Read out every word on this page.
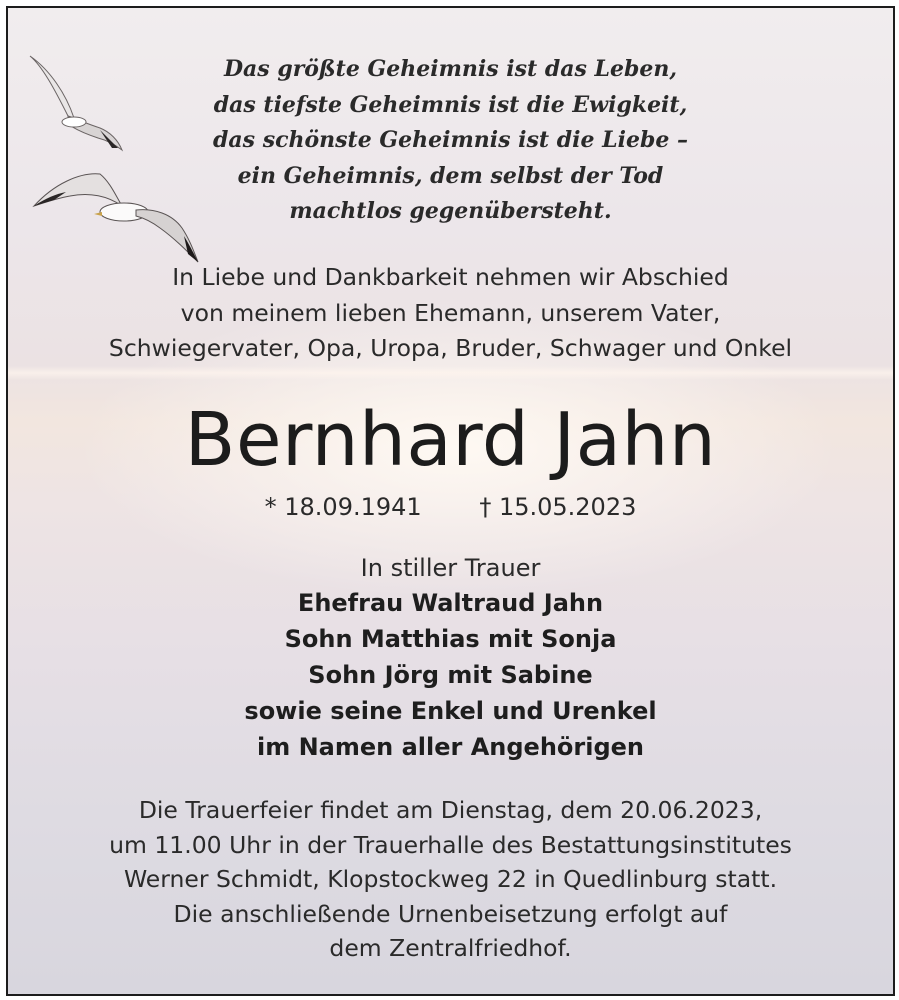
Das größte Geheimnis ist das Leben,
das tiefste Geheimnis ist die Ewigkeit,
das schönste Geheimnis ist die Liebe –
ein Geheimnis, dem selbst der Tod
machtlos gegenübersteht.
In Liebe und Dankbarkeit nehmen wir Abschied
von meinem lieben Ehemann, unserem Vater,
Schwiegervater, Opa, Uropa, Bruder, Schwager und Onkel
Bernhard Jahn
* 18.09.1941 † 15.05.2023
In stiller Trauer
Ehefrau Waltraud Jahn
Sohn Matthias mit Sonja
Sohn Jörg mit Sabine
sowie seine Enkel und Urenkel
im Namen aller Angehörigen
Die Trauerfeier findet am Dienstag, dem 20.06.2023,
um 11.00 Uhr in der Trauerhalle des Bestattungsinstitutes
Werner Schmidt, Klopstockweg 22 in Quedlinburg statt.
Die anschließende Urnenbeisetzung erfolgt auf
dem Zentralfriedhof.
